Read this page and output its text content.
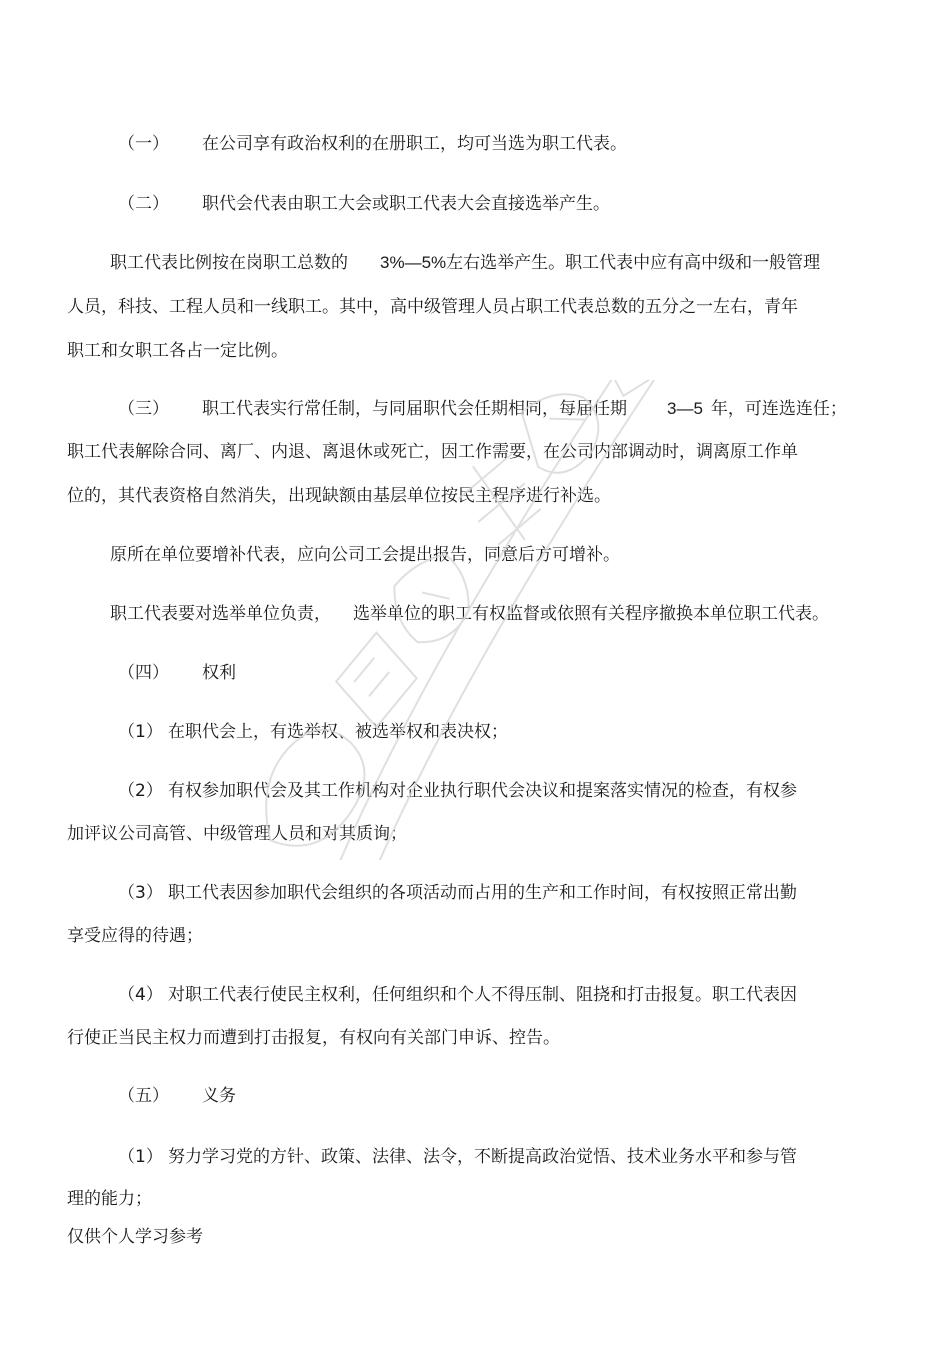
（一） 在公司享有政治权利的在册职工，均可当选为职工代表。
（二） 职代会代表由职工大会或职工代表大会直接选举产生。
职工代表比例按在岗职工总数的 3%—5%左右选举产生。职工代表中应有高中级和一般管理
人员，科技、工程人员和一线职工。其中，高中级管理人员占职工代表总数的五分之一左右，青年
职工和女职工各占一定比例。
（三） 职工代表实行常任制，与同届职代会任期相同，每届任期 3—5 年，可连选连任；
职工代表解除合同、离厂、内退、离退休或死亡，因工作需要，在公司内部调动时，调离原工作单
位的，其代表资格自然消失，出现缺额由基层单位按民主程序进行补选。
原所在单位要增补代表，应向公司工会提出报告，同意后方可增补。
职工代表要对选举单位负责， 选举单位的职工有权监督或依照有关程序撤换本单位职工代表。
（四） 权利
（1） 在职代会上，有选举权、被选举权和表决权；
（2） 有权参加职代会及其工作机构对企业执行职代会决议和提案落实情况的检查，有权参
加评议公司高管、中级管理人员和对其质询；
（3） 职工代表因参加职代会组织的各项活动而占用的生产和工作时间，有权按照正常出勤
享受应得的待遇；
（4） 对职工代表行使民主权利，任何组织和个人不得压制、阻挠和打击报复。职工代表因
行使正当民主权力而遭到打击报复，有权向有关部门申诉、控告。
（五） 义务
（1） 努力学习党的方针、政策、法律、法令，不断提高政治觉悟、技术业务水平和参与管
理的能力；
仅供个人学习参考
